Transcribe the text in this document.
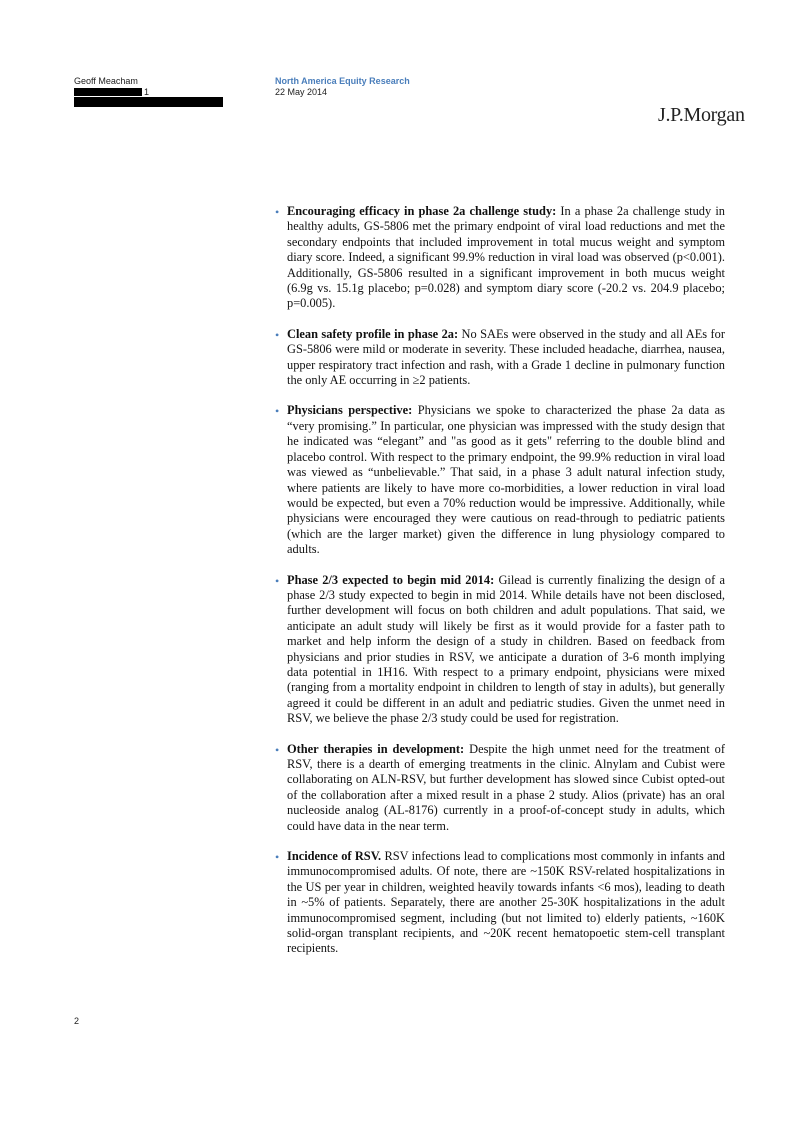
Geoff Meacham
1
North America Equity Research
22 May 2014
J.P.Morgan
• Encouraging efficacy in phase 2a challenge study: In a phase 2a challenge study in healthy adults, GS-5806 met the primary endpoint of viral load reductions and met the secondary endpoints that included improvement in total mucus weight and symptom diary score. Indeed, a significant 99.9% reduction in viral load was observed (p<0.001). Additionally, GS-5806 resulted in a significant improvement in both mucus weight (6.9g vs. 15.1g placebo; p=0.028) and symptom diary score (-20.2 vs. 204.9 placebo; p=0.005).
• Clean safety profile in phase 2a: No SAEs were observed in the study and all AEs for GS-5806 were mild or moderate in severity. These included headache, diarrhea, nausea, upper respiratory tract infection and rash, with a Grade 1 decline in pulmonary function the only AE occurring in ≥2 patients.
• Physicians perspective: Physicians we spoke to characterized the phase 2a data as “very promising.” In particular, one physician was impressed with the study design that he indicated was “elegant” and "as good as it gets" referring to the double blind and placebo control. With respect to the primary endpoint, the 99.9% reduction in viral load was viewed as “unbelievable.” That said, in a phase 3 adult natural infection study, where patients are likely to have more co-morbidities, a lower reduction in viral load would be expected, but even a 70% reduction would be impressive. Additionally, while physicians were encouraged they were cautious on read-through to pediatric patients (which are the larger market) given the difference in lung physiology compared to adults.
• Phase 2/3 expected to begin mid 2014: Gilead is currently finalizing the design of a phase 2/3 study expected to begin in mid 2014. While details have not been disclosed, further development will focus on both children and adult populations. That said, we anticipate an adult study will likely be first as it would provide for a faster path to market and help inform the design of a study in children. Based on feedback from physicians and prior studies in RSV, we anticipate a duration of 3-6 month implying data potential in 1H16. With respect to a primary endpoint, physicians were mixed (ranging from a mortality endpoint in children to length of stay in adults), but generally agreed it could be different in an adult and pediatric studies. Given the unmet need in RSV, we believe the phase 2/3 study could be used for registration.
• Other therapies in development: Despite the high unmet need for the treatment of RSV, there is a dearth of emerging treatments in the clinic. Alnylam and Cubist were collaborating on ALN-RSV, but further development has slowed since Cubist opted-out of the collaboration after a mixed result in a phase 2 study. Alios (private) has an oral nucleoside analog (AL-8176) currently in a proof-of-concept study in adults, which could have data in the near term.
• Incidence of RSV. RSV infections lead to complications most commonly in infants and immunocompromised adults. Of note, there are ~150K RSV-related hospitalizations in the US per year in children, weighted heavily towards infants <6 mos), leading to death in ~5% of patients. Separately, there are another 25-30K hospitalizations in the adult immunocompromised segment, including (but not limited to) elderly patients, ~160K solid-organ transplant recipients, and ~20K recent hematopoetic stem-cell transplant recipients.
2
